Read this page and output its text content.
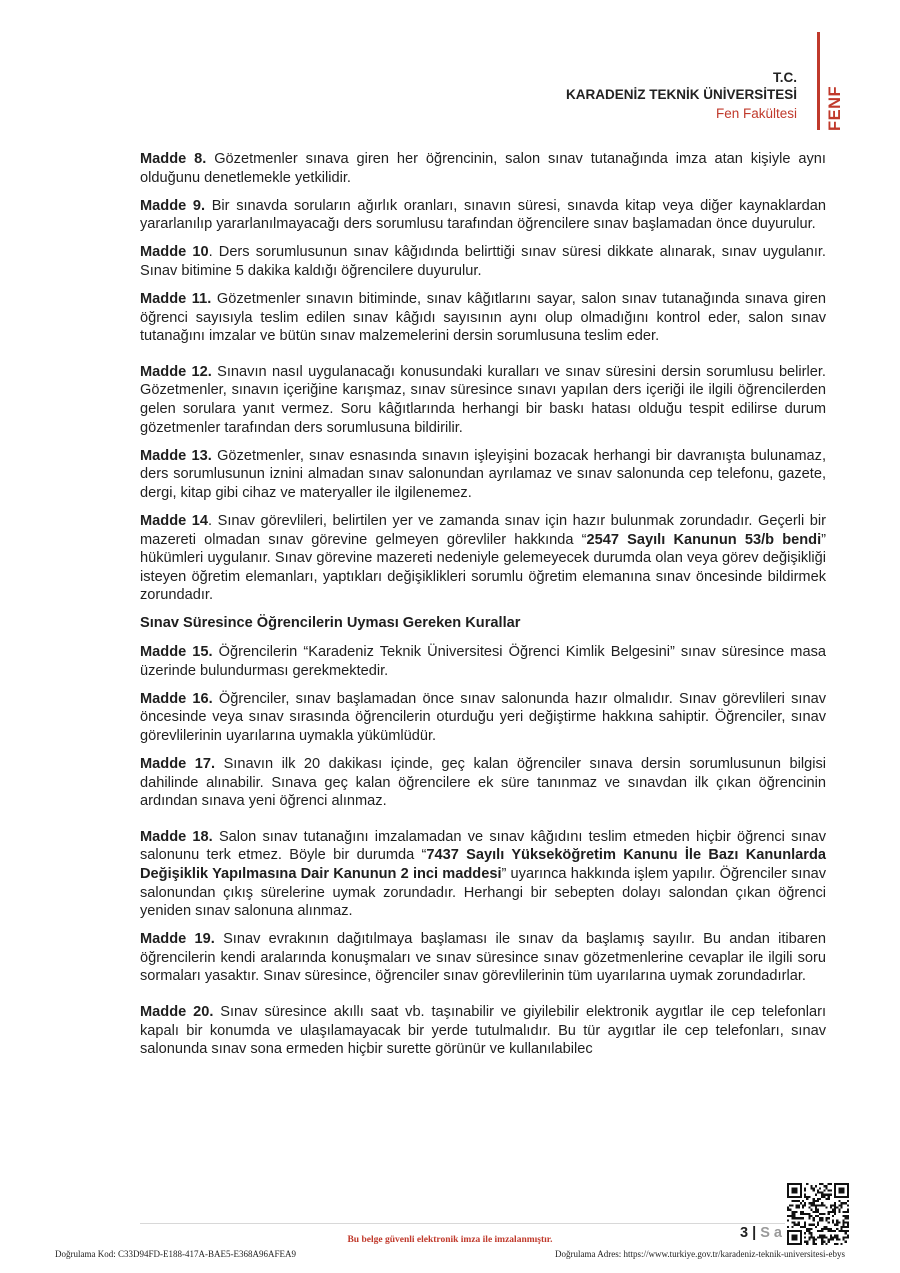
T.C.
KARADENİZ TEKNİK ÜNİVERSİTESİ
Fen Fakültesi FENF

Madde 8. Gözetmenler sınava giren her öğrencinin, salon sınav tutanağında imza atan kişiyle aynı olduğunu denetlemekle yetkilidir.

Madde 9. Bir sınavda soruların ağırlık oranları, sınavın süresi, sınavda kitap veya diğer kaynaklardan yararlanılıp yararlanılmayacağı ders sorumlusu tarafından öğrencilere sınav başlamadan önce duyurulur.

Madde 10. Ders sorumlusunun sınav kâğıdında belirttiği sınav süresi dikkate alınarak, sınav uygulanır. Sınav bitimine 5 dakika kaldığı öğrencilere duyurulur.

Madde 11. Gözetmenler sınavın bitiminde, sınav kâğıtlarını sayar, salon sınav tutanağında sınava giren öğrenci sayısıyla teslim edilen sınav kâğıdı sayısının aynı olup olmadığını kontrol eder, salon sınav tutanağını imzalar ve bütün sınav malzemelerini dersin sorumlusuna teslim eder.

Madde 12. Sınavın nasıl uygulanacağı konusundaki kuralları ve sınav süresini dersin sorumlusu belirler. Gözetmenler, sınavın içeriğine karışmaz, sınav süresince sınavı yapılan ders içeriği ile ilgili öğrencilerden gelen sorulara yanıt vermez. Soru kâğıtlarında herhangi bir baskı hatası olduğu tespit edilirse durum gözetmenler tarafından ders sorumlusuna bildirilir.

Madde 13. Gözetmenler, sınav esnasında sınavın işleyişini bozacak herhangi bir davranışta bulunamaz, ders sorumlusunun iznini almadan sınav salonundan ayrılamaz ve sınav salonunda cep telefonu, gazete, dergi, kitap gibi cihaz ve materyaller ile ilgilenemez.

Madde 14. Sınav görevlileri, belirtilen yer ve zamanda sınav için hazır bulunmak zorundadır. Geçerli bir mazereti olmadan sınav görevine gelmeyen görevliler hakkında “2547 Sayılı Kanunun 53/b bendi” hükümleri uygulanır. Sınav görevine mazereti nedeniyle gelemeyecek durumda olan veya görev değişikliği isteyen öğretim elemanları, yaptıkları değişiklikleri sorumlu öğretim elemanına sınav öncesinde bildirmek zorundadır.

Sınav Süresince Öğrencilerin Uyması Gereken Kurallar

Madde 15. Öğrencilerin “Karadeniz Teknik Üniversitesi Öğrenci Kimlik Belgesini” sınav süresince masa üzerinde bulundurması gerekmektedir.

Madde 16. Öğrenciler, sınav başlamadan önce sınav salonunda hazır olmalıdır. Sınav görevlileri sınav öncesinde veya sınav sırasında öğrencilerin oturduğu yeri değiştirme hakkına sahiptir. Öğrenciler, sınav görevlilerinin uyarılarına uymakla yükümlüdür.

Madde 17. Sınavın ilk 20 dakikası içinde, geç kalan öğrenciler sınava dersin sorumlusunun bilgisi dahilinde alınabilir. Sınava geç kalan öğrencilere ek süre tanınmaz ve sınavdan ilk çıkan öğrencinin ardından sınava yeni öğrenci alınmaz.

Madde 18. Salon sınav tutanağını imzalamadan ve sınav kâğıdını teslim etmeden hiçbir öğrenci sınav salonunu terk etmez. Böyle bir durumda “7437 Sayılı Yükseköğretim Kanunu İle Bazı Kanunlarda Değişiklik Yapılmasına Dair Kanunun 2 inci maddesi” uyarınca hakkında işlem yapılır. Öğrenciler sınav salonundan çıkış sürelerine uymak zorundadır. Herhangi bir sebepten dolayı salondan çıkan öğrenci yeniden sınav salonuna alınmaz.

Madde 19. Sınav evrakının dağıtılmaya başlaması ile sınav da başlamış sayılır. Bu andan itibaren öğrencilerin kendi aralarında konuşmaları ve sınav süresince sınav gözetmenlerine cevaplar ile ilgili soru sormaları yasaktır. Sınav süresince, öğrenciler sınav görevlilerinin tüm uyarılarına uymak zorundadırlar.

Madde 20. Sınav süresince akıllı saat vb. taşınabilir ve giyilebilir elektronik aygıtlar ile cep telefonları kapalı bir konumda ve ulaşılamayacak bir yerde tutulmalıdır. Bu tür aygıtlar ile cep telefonları, sınav salonunda sınav sona ermeden hiçbir surette görünür ve kullanılabilec

3 | S a
Bu belge güvenli elektronik imza ile imzalanmıştır.
Doğrulama Kod: C33D94FD-E188-417A-BAE5-E368A96AFEA9	Doğrulama Adres: https://www.turkiye.gov.tr/karadeniz-teknik-universitesi-ebys
